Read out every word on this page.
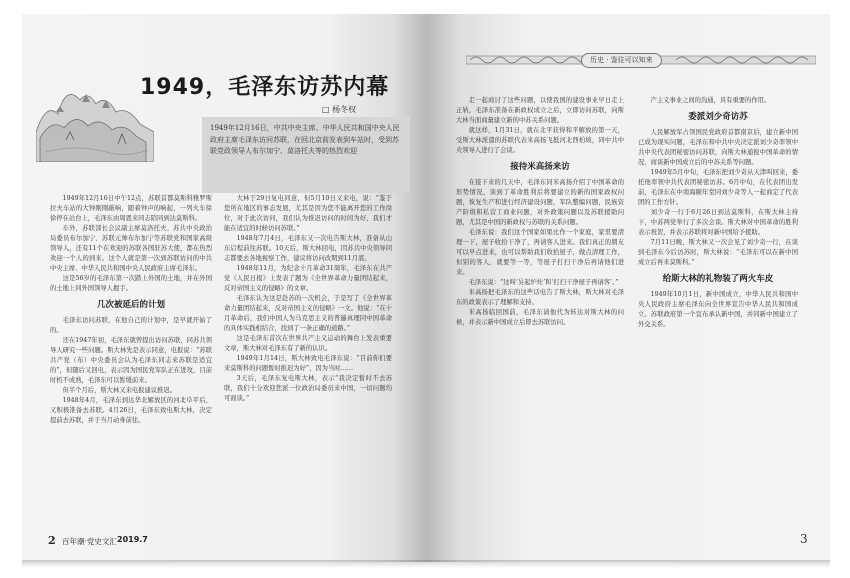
1949，毛泽东访苏内幕
□ 杨冬权

1949年12月16日，中共中央主席、中华人民共和国中央人民政府主席毛泽东访问苏联，在回北京前发表到车站时，受到苏联党政领导人布尔加宁、莫洛托夫等的热烈欢迎

1949年12月16日中午12点，苏联首都莫斯科雅罗斯拉夫车站的大钟刚刚敲响，随着钟声的响起，一列火车徐徐停在站台上，毛泽东由周恩来同志陪同到达莫斯科。

车外，苏联部长会议副主席莫洛托夫、苏共中央政治局委员布尔加宁、苏联元帅布尔加宁等苏联党和国家高级领导人，还有11个在欢迎的苏联各国驻苏大使，都在热烈欢迎一个人的到来。这个人就是第一次到苏联访问的中共中央主席、中华人民共和国中央人民政府主席毛泽东。

这是56岁的毛泽东第一次踏上外国的土地，并在外国的土地上同外国领导人握手。

几次被延后的计划

毛泽东访问苏联，在他自己的计划中，是早就开始了的。

还在1947年初，毛泽东就曾提出访问苏联，同苏共领导人研究一些问题。斯大林先是表示同意，电报说：“苏联共产党（布）中央委员会认为毛泽东同志来苏联是适宜的”，但随后又回电，表示因为国民党军队正在进攻，目前时机不成熟，毛泽东可以暂缓前来。

但半个月后，斯大林又来电报建议推迟。

1948年4月，毛泽东到达华北解放区的河北阜平后，又积极准备去苏联。4月26日，毛泽东致电斯大林，决定提前去苏联，并于当月动身前往。

大林于29日复电同意，但5月10日又来电，说：“鉴于您所在地区的事态发展，尤其是因为您不能离开您的工作岗位，对于此次访问，我们认为推迟访问的时间为好，我们才能在适宜的时候访问苏联。”

1948年7月4日，毛泽东又一次电告斯大林，准备从山东启程前往苏联。10天后，斯大林回电，因苏共中央领导同志都要去各地视察工作，建议将访问改期到11月底。

1948年11月，为纪念十月革命31周年，毛泽东在共产党《人民日报》上发表了题为《全世界革命力量团结起来，反对帝国主义的侵略》的文章。

毛泽东认为这是赴苏的一次机会，于是写了《全世界革命力量团结起来，反对帝国主义的侵略》一文。他说：“在十月革命后，我们中国人为马克思主义的普遍真理同中国革命的具体实践相结合，找到了一条正确的道路。”

这是毛泽东首次在世界共产主义运动的舞台上发表重要文章，斯大林对毛泽东有了新的认识。

1949年1月14日，斯大林致电毛泽东说：“目前你们要来莫斯科的问题暂时推迟为好”，因为当时……

3天后，毛泽东复电斯大林，表示“我决定暂时不去苏联，我们十分欢迎您派一位政治局委员来中国，一切问题均可面谈。”

2 百年潮·党史文汇 2019.7
历史 · 鉴往可以知来

走一起商讨了这些问题，以使我国的建设事业早日走上正轨，毛泽东准备在新政权成立之后，立即访问苏联，向斯大林当面商量建立新的中苏关系问题。

就这样，1月31日，就在北平获得和平解放的第一天，受斯大林派遣的苏联代表米高扬飞抵河北西柏坡，同中共中央领导人进行了会谈。

接待米高扬来访

在接下来的几天中，毛泽东同米高扬介绍了中国革命的形势情况，谈到了革命胜利后将要建立的新的国家政权问题，恢复生产和进行经济建设问题，军队整编问题，民族资产阶级和私营工商业问题，对外政策问题以及苏联援助问题，尤其是中国的新政权与苏联的关系问题。

毛泽东说：我们这个国家如果比作一个家庭，家里要清理一下，屋子收拾干净了，再请客人进来。我们真正的朋友可以早点进来，也可以帮助我们收拾屋子，做点清理工作，但别的客人，就要等一等，等屋子打扫干净后再请他们进来。

毛泽东说：“这叫‘另起炉灶’和‘打扫干净屋子再请客’。”

米高扬把毛泽东的这些话电告了斯大林，斯大林对毛泽东的政策表示了理解和支持。

米高扬临回国前，毛泽东请他代为转达对斯大林的问候，并表示新中国成立后即去苏联访问。

产主义事业之间的沟通，具有重要的作用。

委派刘少奇访苏

人民解放军占领国民党政府首都南京后，建立新中国已成为现实问题，毛泽东和中共中央决定派刘少奇率领中共中央代表团秘密访问苏联，向斯大林通报中国革命的情况，商谈新中国成立后的中苏关系等问题。

1949年5月中旬，毛泽东把刘少奇从天津叫回来，委托他率领中共代表团秘密访苏。6月中旬，在代表团出发前，毛泽东在中南海颐年堂同刘少奇等人一起商定了代表团的工作方针。

刘少奇一行于6月26日到达莫斯科，在斯大林主持下，中苏两党举行了多次会谈。斯大林对中国革命的胜利表示祝贺，并表示苏联将对新中国给予援助。

7月11日晚，斯大林又一次会见了刘少奇一行，在谈到毛泽东今后访苏时，斯大林说：“毛泽东可以在新中国成立后再来莫斯科。”

给斯大林的礼物装了两火车皮

1949年10月1日，新中国成立，中华人民共和国中央人民政府主席毛泽东向全世界宣告中华人民共和国成立。苏联政府第一个宣布承认新中国，并同新中国建立了外交关系。

3
